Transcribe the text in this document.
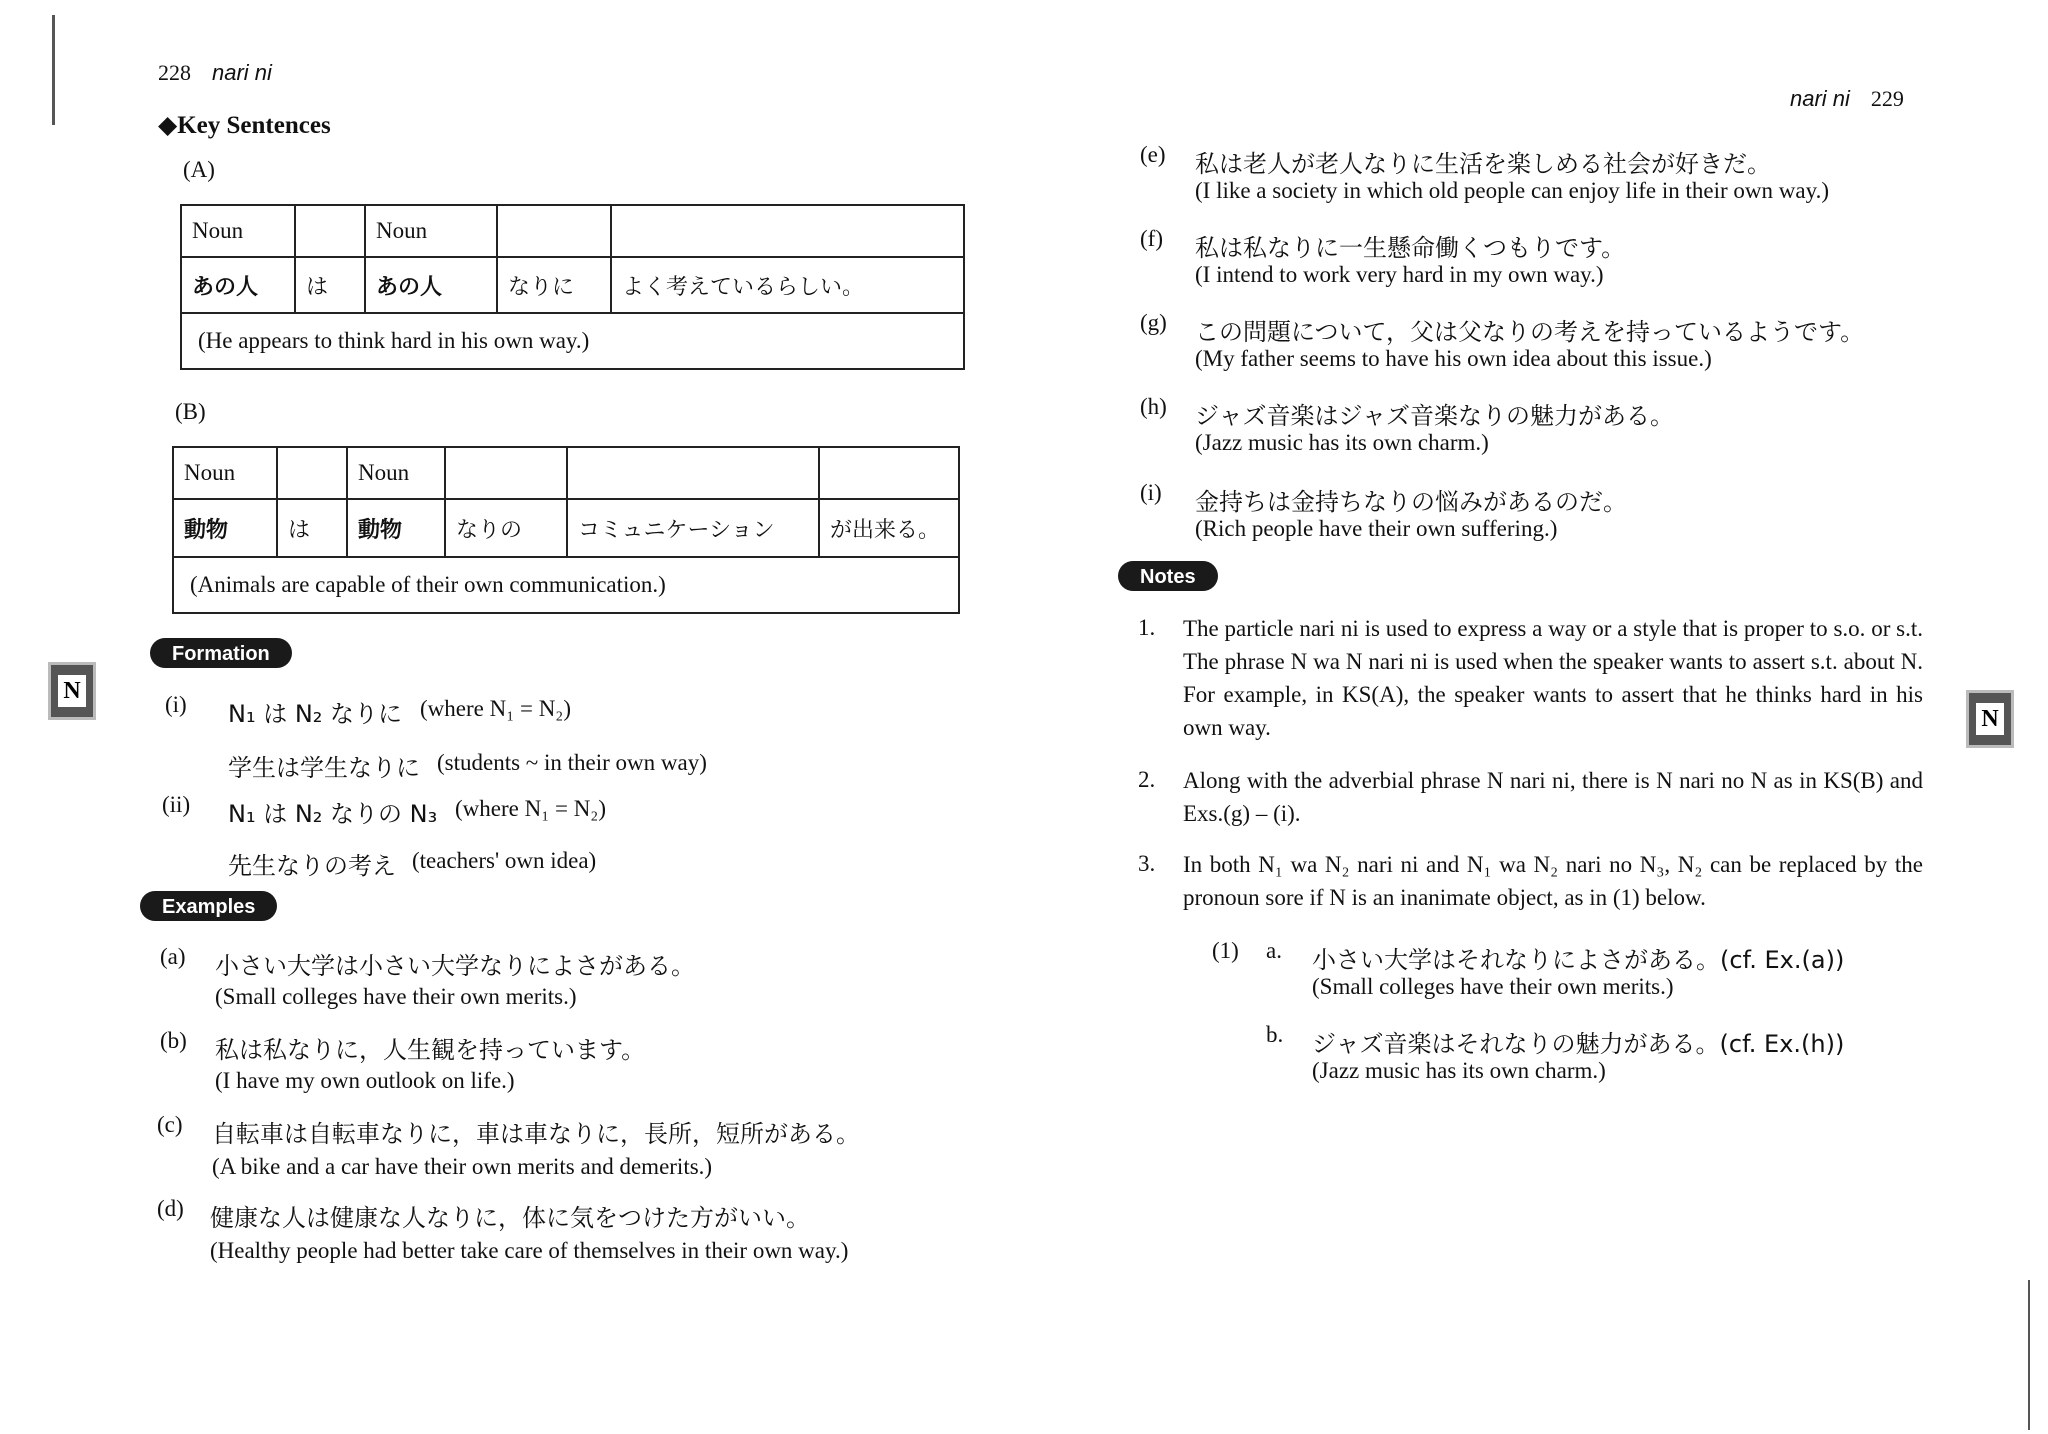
228 nari ni
◆Key Sentences
(A)
Noun		Noun		
あの人	は	あの人	なりに	よく考えているらしい。
(He appears to think hard in his own way.)				
(B)
Noun		Noun			
動物	は	動物	なりの	コミュニケーション	が出来る。
(Animals are capable of their own communication.)					
Formation
(i) N₁ は N₂ なりに (where N₁ = N₂)
学生は学生なりに (students ~ in their own way)
(ii) N₁ は N₂ なりの N₃ (where N₁ = N₂)
先生なりの考え (teachers' own idea)
Examples
(a) 小さい大学は小さい大学なりによさがある。
(Small colleges have their own merits.)
(b) 私は私なりに，人生観を持っています。
(I have my own outlook on life.)
(c) 自転車は自転車なりに，車は車なりに，長所，短所がある。
(A bike and a car have their own merits and demerits.)
(d) 健康な人は健康な人なりに，体に気をつけた方がいい。
(Healthy people had better take care of themselves in their own way.)
N
nari ni 229
(e) 私は老人が老人なりに生活を楽しめる社会が好きだ。
(I like a society in which old people can enjoy life in their own way.)
(f) 私は私なりに一生懸命働くつもりです。
(I intend to work very hard in my own way.)
(g) この問題について，父は父なりの考えを持っているようです。
(My father seems to have his own idea about this issue.)
(h) ジャズ音楽はジャズ音楽なりの魅力がある。
(Jazz music has its own charm.)
(i) 金持ちは金持ちなりの悩みがあるのだ。
(Rich people have their own suffering.)
Notes
1. The particle nari ni is used to express a way or a style that is proper to s.o. or s.t. The phrase N wa N nari ni is used when the speaker wants to assert s.t. about N. For example, in KS(A), the speaker wants to assert that he thinks hard in his own way.
2. Along with the adverbial phrase N nari ni, there is N nari no N as in KS(B) and Exs.(g) – (i).
3. In both N₁ wa N₂ nari ni and N₁ wa N₂ nari no N₃, N₂ can be replaced by the pronoun sore if N is an inanimate object, as in (1) below.
(1) a. 小さい大学はそれなりによさがある。(cf. Ex.(a))
(Small colleges have their own merits.)
b. ジャズ音楽はそれなりの魅力がある。(cf. Ex.(h))
(Jazz music has its own charm.)
N
